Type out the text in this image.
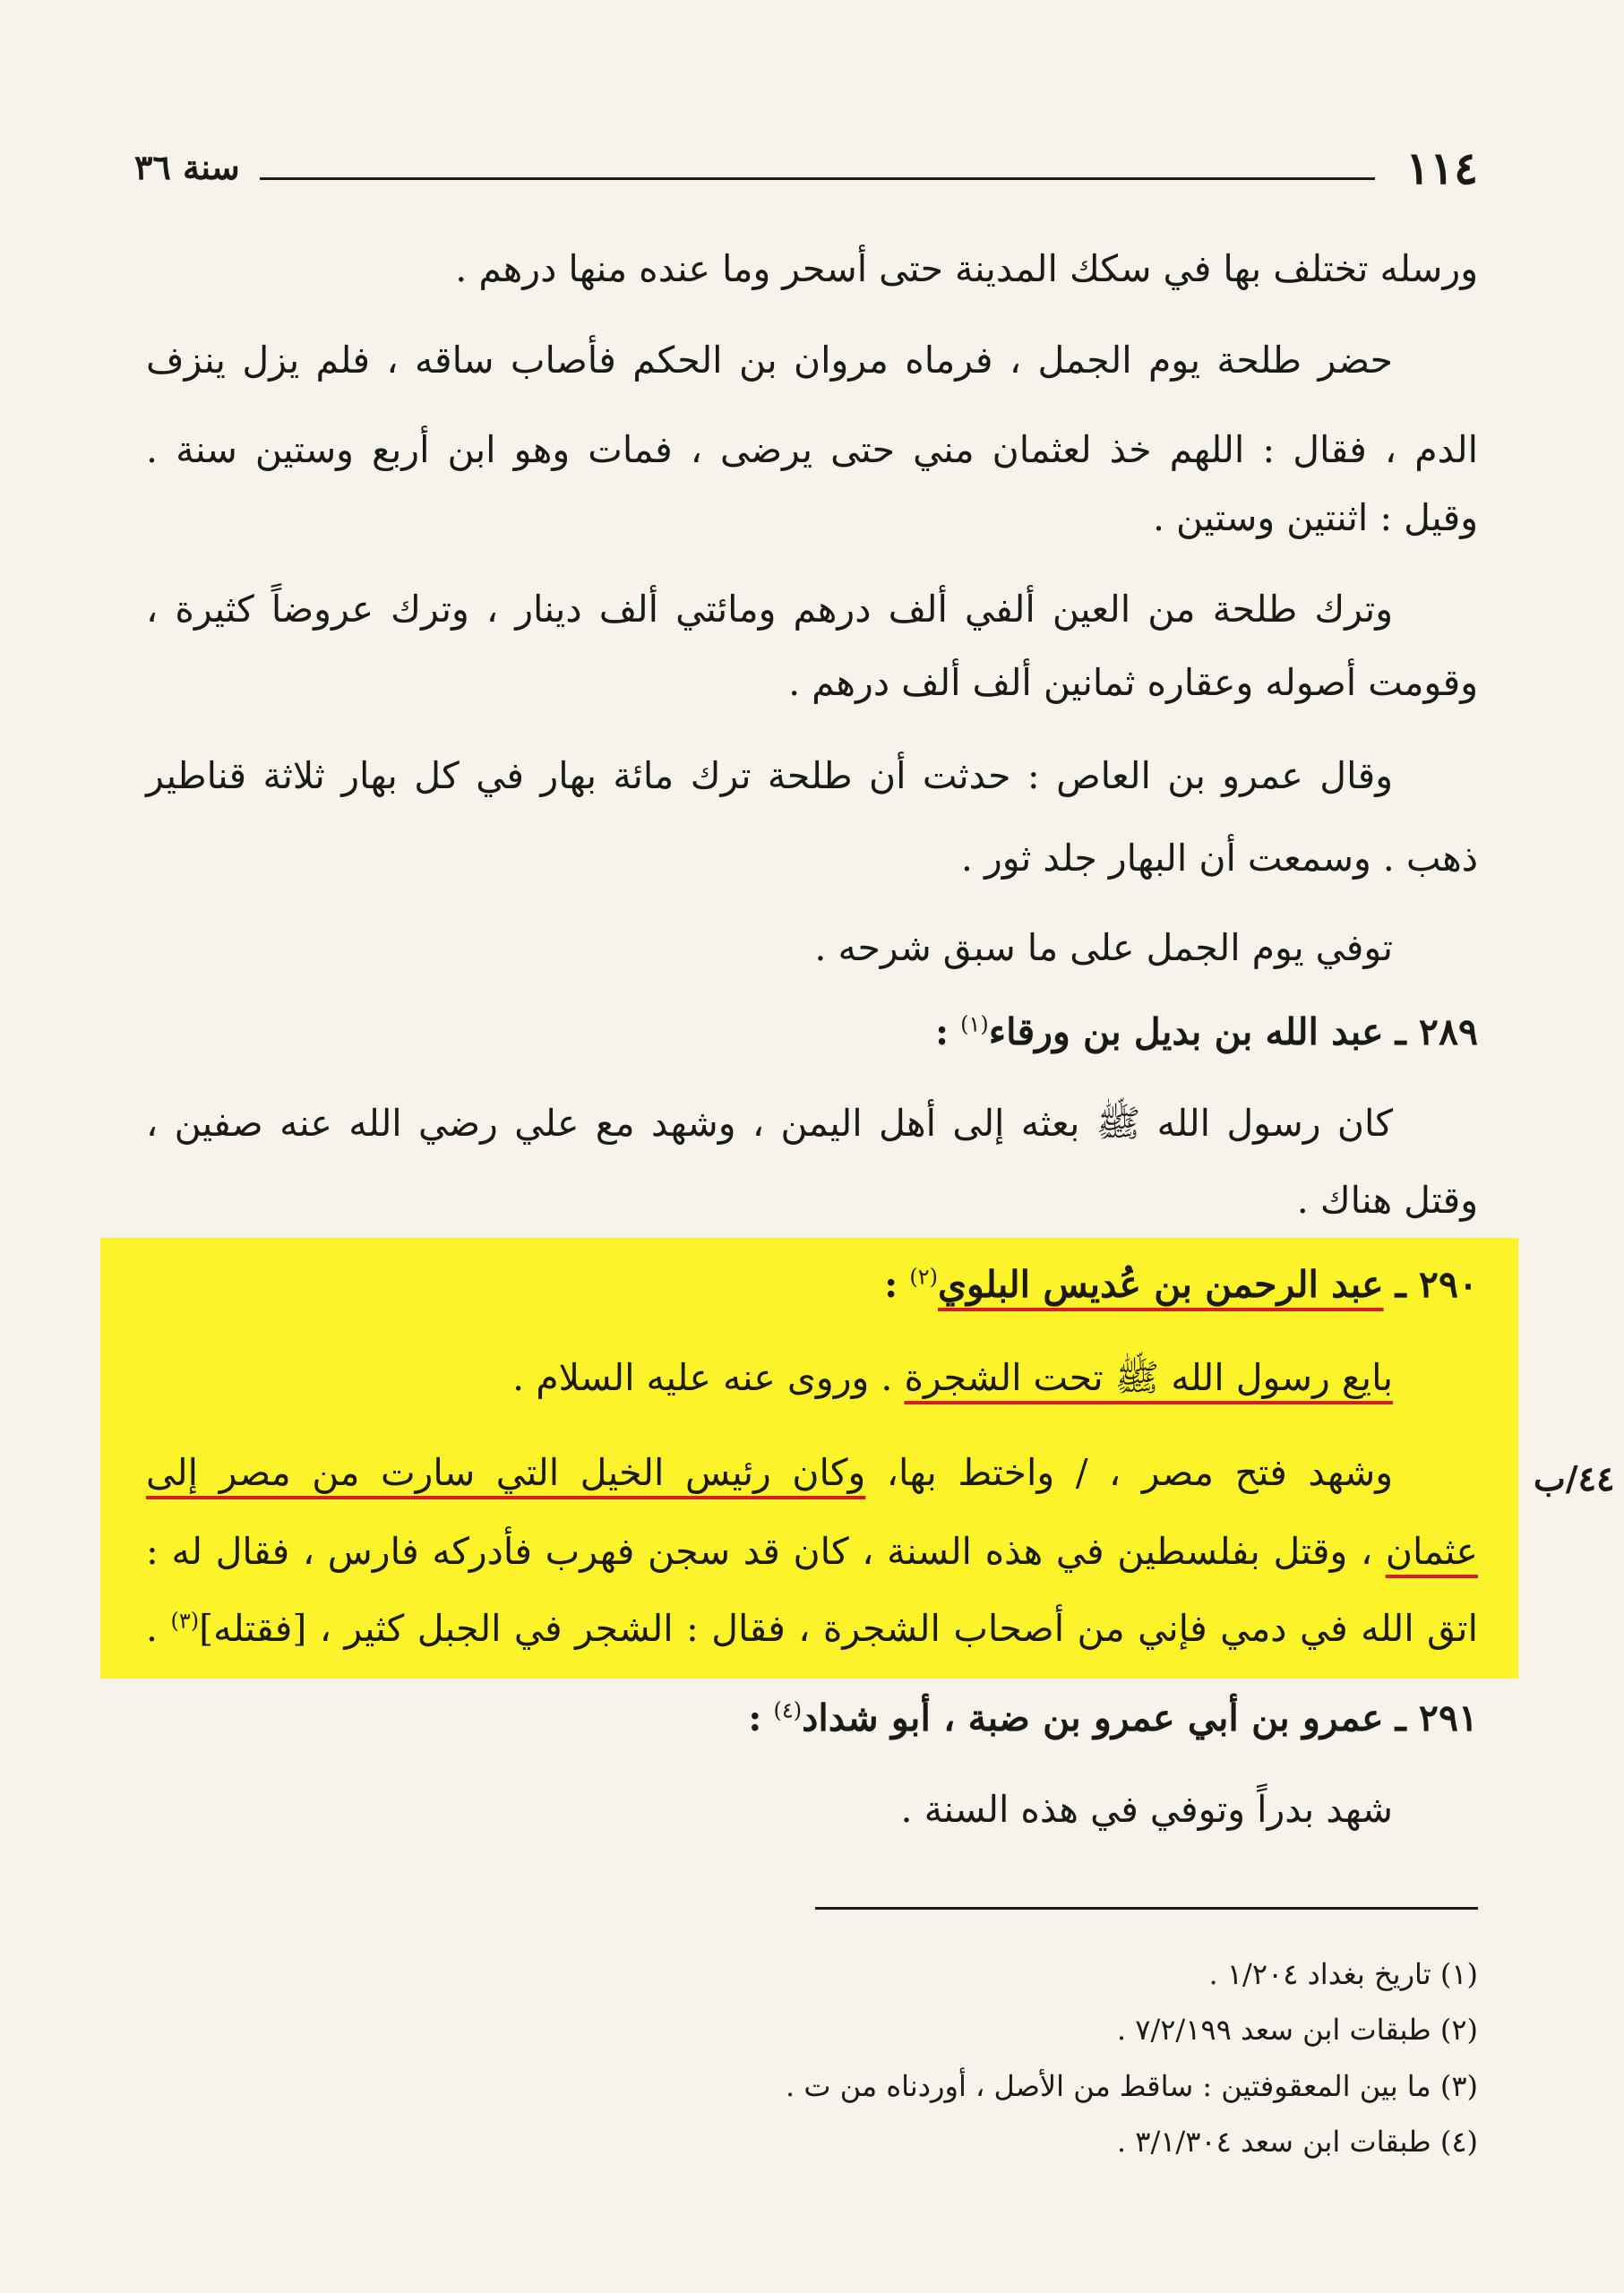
١١٤
سنة ٣٦
ورسله تختلف بها في سكك المدينة حتى أسحر وما عنده منها درهم .
حضر طلحة يوم الجمل ، فرماه مروان بن الحكم فأصاب ساقه ، فلم يزل ينزف
الدم ، فقال : اللهم خذ لعثمان مني حتى يرضى ، فمات وهو ابن أربع وستين سنة .
وقيل : اثنتين وستين .
وترك طلحة من العين ألفي ألف درهم ومائتي ألف دينار ، وترك عروضاً كثيرة ،
وقومت أصوله وعقاره ثمانين ألف ألف درهم .
وقال عمرو بن العاص : حدثت أن طلحة ترك مائة بهار في كل بهار ثلاثة قناطير
ذهب . وسمعت أن البهار جلد ثور .
توفي يوم الجمل على ما سبق شرحه .
٢٨٩ ـ عبد الله بن بديل بن ورقاء$^{(١)}$ :
كان رسول الله ﷺ بعثه إلى أهل اليمن ، وشهد مع علي رضي الله عنه صفين ،
وقتل هناك .
٢٩٠ ـ عبد الرحمن بن عُديس البلوي$^{(٢)}$ :
بايع رسول الله ﷺ تحت الشجرة . وروى عنه عليه السلام .
وشهد فتح مصر ، / واختط بها، وكان رئيس الخيل التي سارت من مصر إلى
عثمان ، وقتل بفلسطين في هذه السنة ، كان قد سجن فهرب فأدركه فارس ، فقال له :
اتق الله في دمي فإني من أصحاب الشجرة ، فقال : الشجر في الجبل كثير ، [فقتله]$^{(٣)}$ .
٤٤/ب
٢٩١ ـ عمرو بن أبي عمرو بن ضبة ، أبو شداد$^{(٤)}$ :
شهد بدراً وتوفي في هذه السنة .
(١) تاريخ بغداد ١/٢٠٤ .
(٢) طبقات ابن سعد ٧/٢/١٩٩ .
(٣) ما بين المعقوفتين : ساقط من الأصل ، أوردناه من ت .
(٤) طبقات ابن سعد ٣/١/٣٠٤ .
